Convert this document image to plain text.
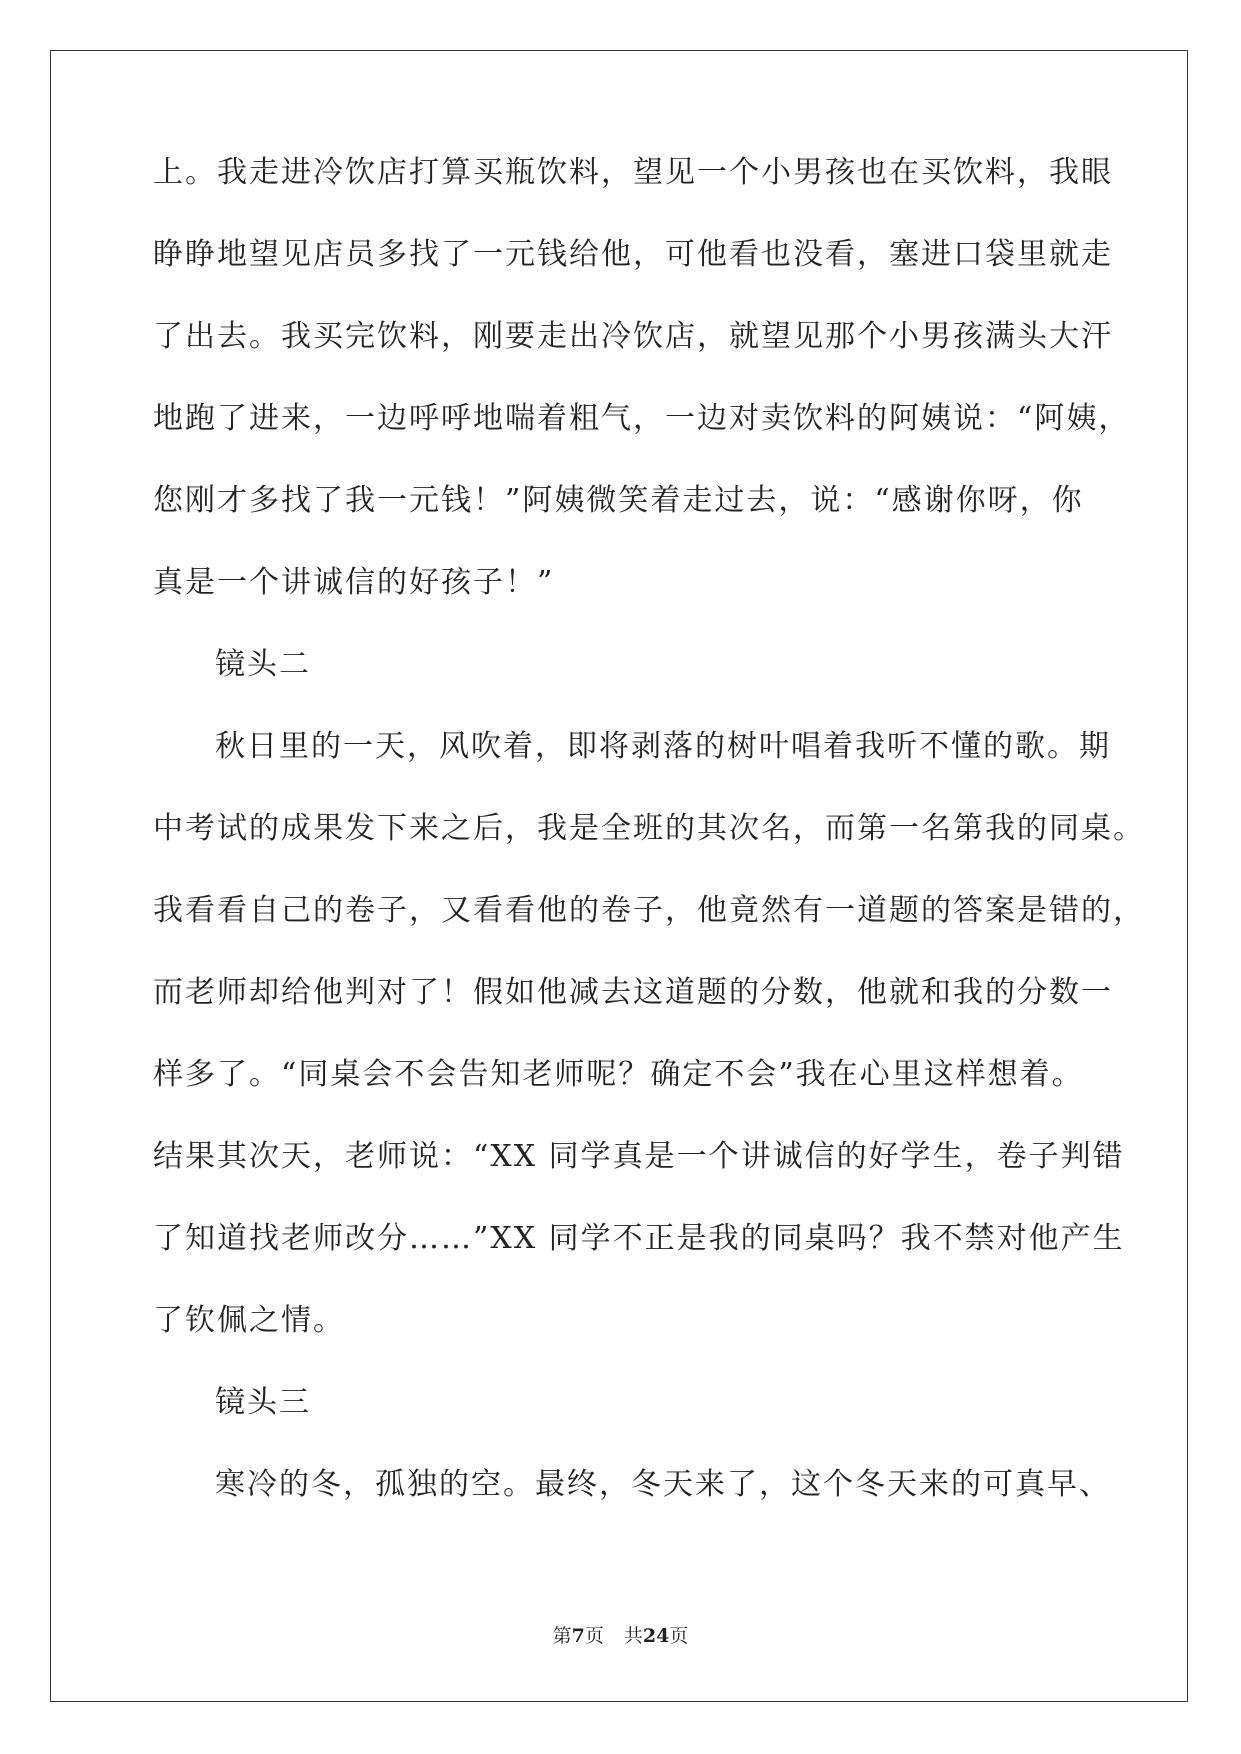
上。我走进冷饮店打算买瓶饮料，望见一个小男孩也在买饮料，我眼
睁睁地望见店员多找了一元钱给他，可他看也没看，塞进口袋里就走
了出去。我买完饮料，刚要走出冷饮店，就望见那个小男孩满头大汗
地跑了进来，一边呼呼地喘着粗气，一边对卖饮料的阿姨说：“阿姨，
您刚才多找了我一元钱！”阿姨微笑着走过去，说：“感谢你呀，你
真是一个讲诚信的好孩子！”
镜头二
秋日里的一天，风吹着，即将剥落的树叶唱着我听不懂的歌。期
中考试的成果发下来之后，我是全班的其次名，而第一名第我的同桌。
我看看自己的卷子，又看看他的卷子，他竟然有一道题的答案是错的，
而老师却给他判对了！假如他减去这道题的分数，他就和我的分数一
样多了。“同桌会不会告知老师呢？确定不会”我在心里这样想着。
结果其次天，老师说：“XX 同学真是一个讲诚信的好学生，卷子判错
了知道找老师改分……”XX 同学不正是我的同桌吗？我不禁对他产生
了钦佩之情。
镜头三
寒冷的冬，孤独的空。最终，冬天来了，这个冬天来的可真早、
第7页 共24页
